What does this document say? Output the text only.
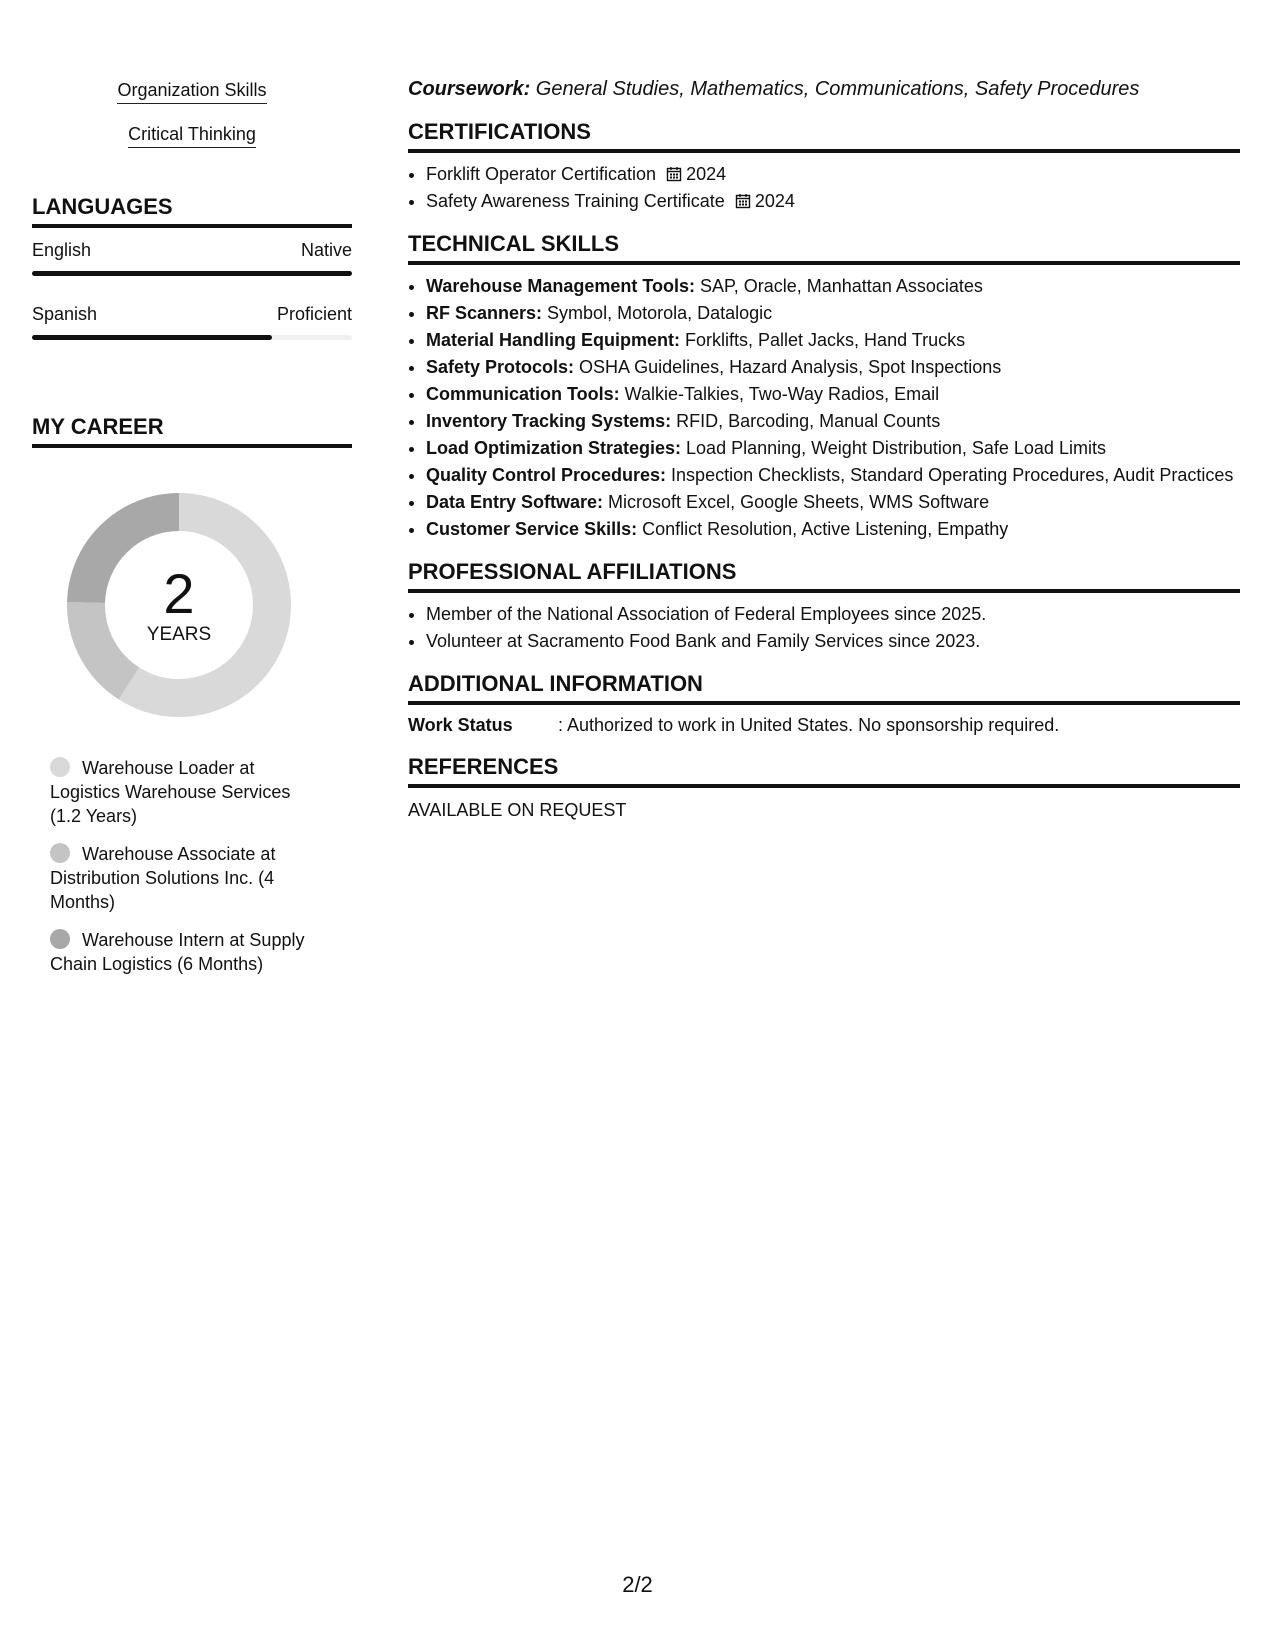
Organization Skills
Critical Thinking
LANGUAGES
English	Native
Spanish	Proficient
MY CAREER
2
YEARS
Warehouse Loader at Logistics Warehouse Services (1.2 Years)
Warehouse Associate at Distribution Solutions Inc. (4 Months)
Warehouse Intern at Supply Chain Logistics (6 Months)
Coursework: General Studies, Mathematics, Communications, Safety Procedures
CERTIFICATIONS
• Forklift Operator Certification 2024
• Safety Awareness Training Certificate 2024
TECHNICAL SKILLS
• Warehouse Management Tools: SAP, Oracle, Manhattan Associates
• RF Scanners: Symbol, Motorola, Datalogic
• Material Handling Equipment: Forklifts, Pallet Jacks, Hand Trucks
• Safety Protocols: OSHA Guidelines, Hazard Analysis, Spot Inspections
• Communication Tools: Walkie-Talkies, Two-Way Radios, Email
• Inventory Tracking Systems: RFID, Barcoding, Manual Counts
• Load Optimization Strategies: Load Planning, Weight Distribution, Safe Load Limits
• Quality Control Procedures: Inspection Checklists, Standard Operating Procedures, Audit Practices
• Data Entry Software: Microsoft Excel, Google Sheets, WMS Software
• Customer Service Skills: Conflict Resolution, Active Listening, Empathy
PROFESSIONAL AFFILIATIONS
• Member of the National Association of Federal Employees since 2025.
• Volunteer at Sacramento Food Bank and Family Services since 2023.
ADDITIONAL INFORMATION
Work Status	: Authorized to work in United States. No sponsorship required.
REFERENCES
AVAILABLE ON REQUEST
2/2
